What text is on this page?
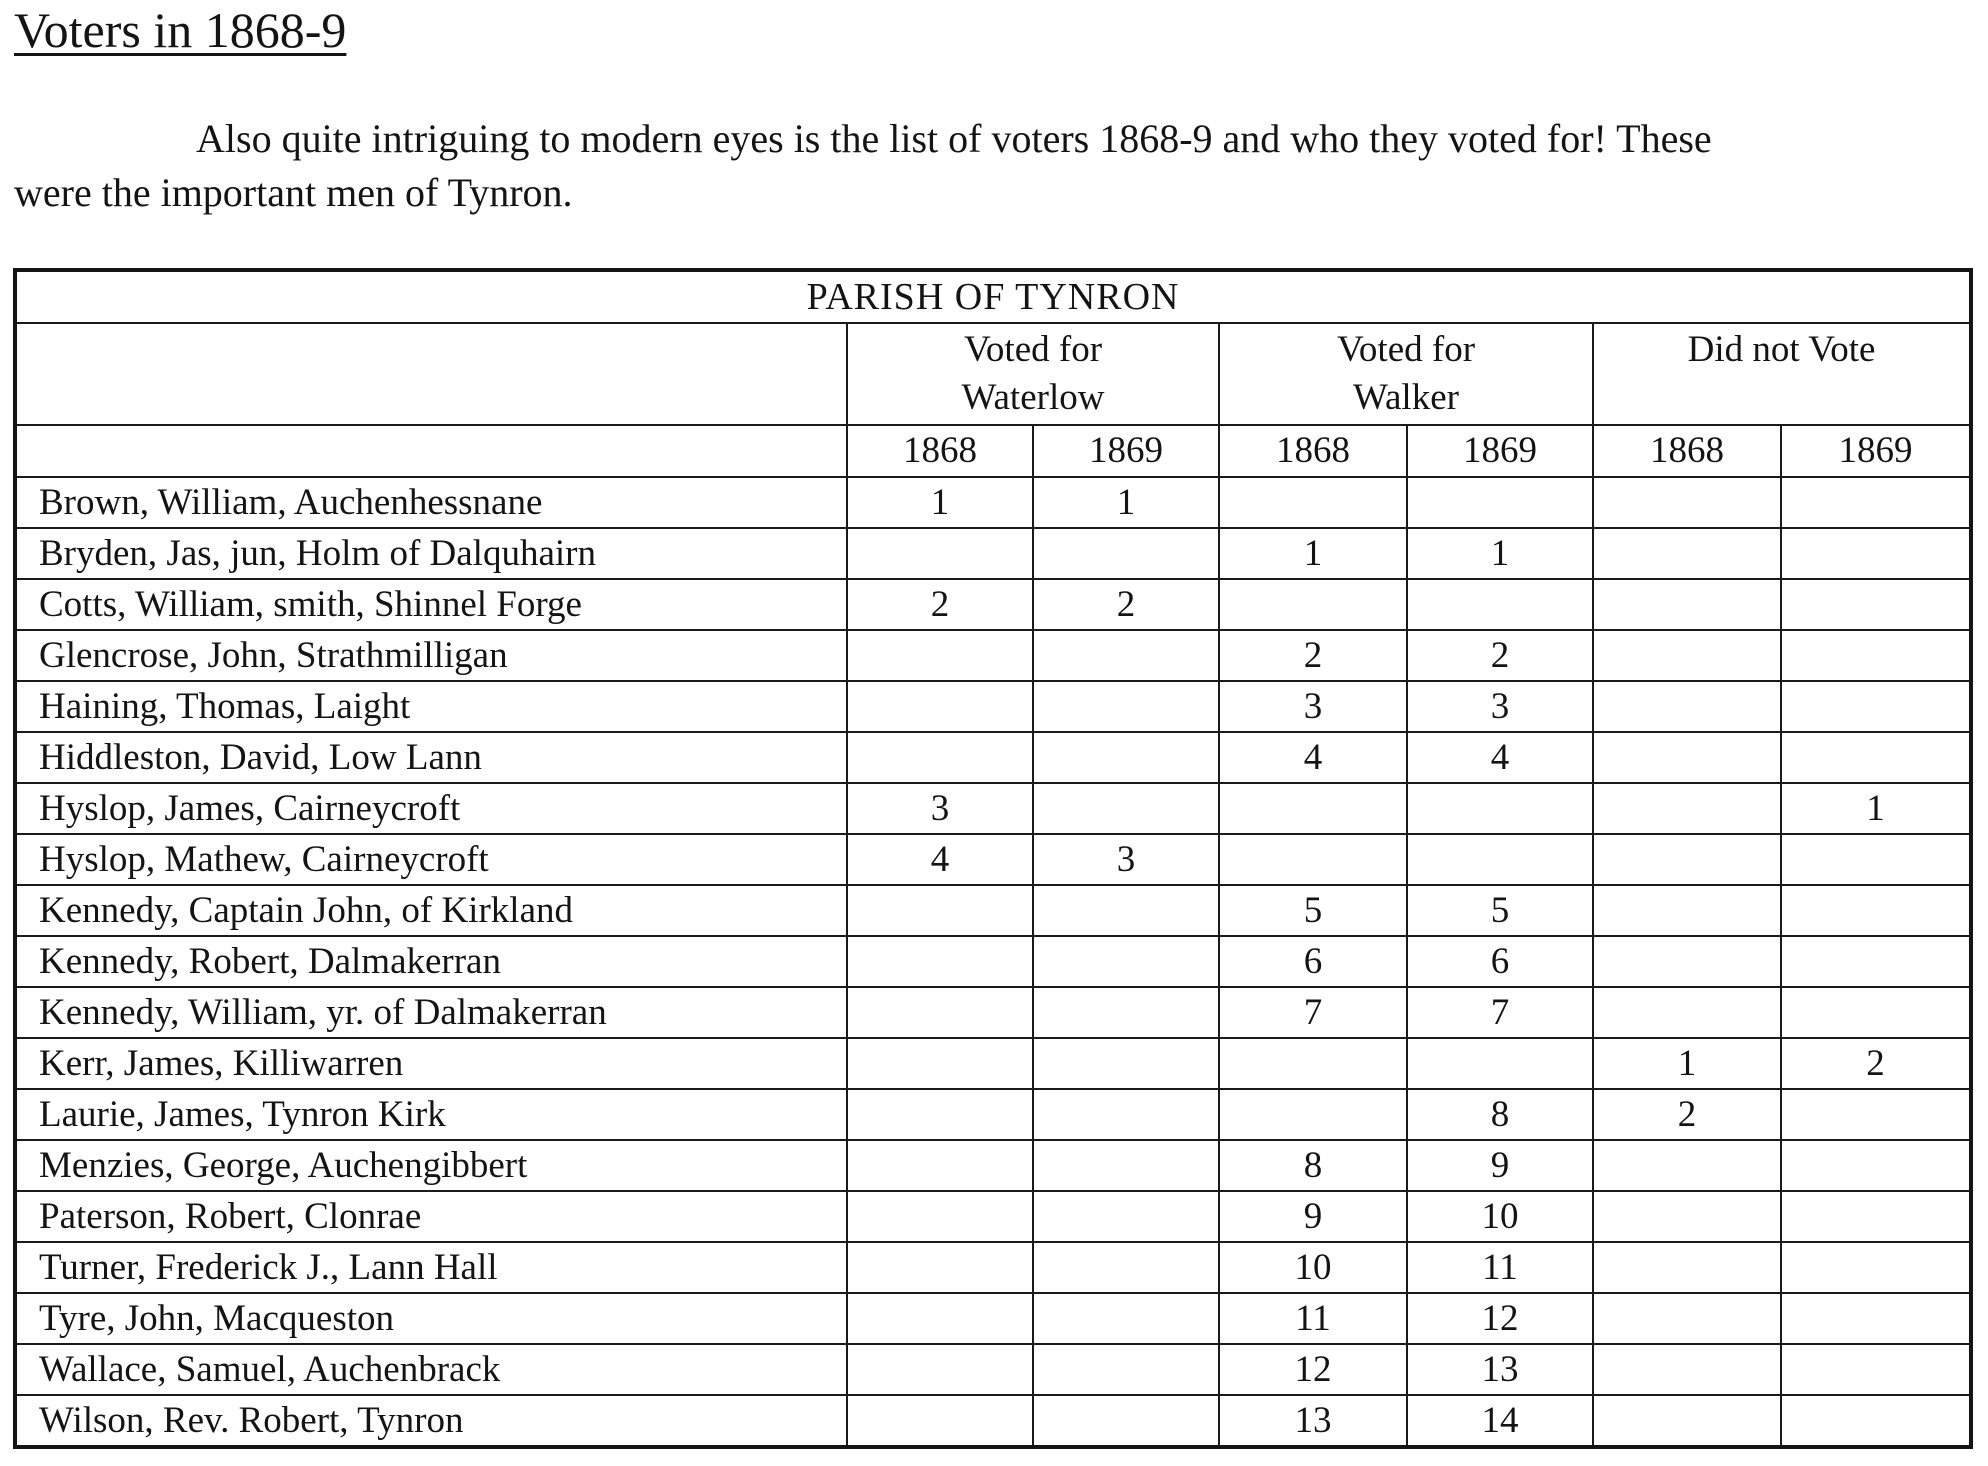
Voters in 1868-9

Also quite intriguing to modern eyes is the list of voters 1868-9 and who they voted for! These
were the important men of Tynron.

PARISH OF TYNRON						

	Voted for Waterlow		Voted for Walker		Did not Vote	

	1868	1869	1868	1869	1868	1869
Brown, William, Auchenhessnane	1	1				
Bryden, Jas, jun, Holm of Dalquhairn			1	1		
Cotts, William, smith, Shinnel Forge	2	2				
Glencrose, John, Strathmilligan			2	2		
Haining, Thomas, Laight			3	3		
Hiddleston, David, Low Lann			4	4		
Hyslop, James, Cairneycroft	3					1
Hyslop, Mathew, Cairneycroft	4	3				
Kennedy, Captain John, of Kirkland			5	5		
Kennedy, Robert, Dalmakerran			6	6		
Kennedy, William, yr. of Dalmakerran			7	7		
Kerr, James, Killiwarren					1	2
Laurie, James, Tynron Kirk				8	2	
Menzies, George, Auchengibbert			8	9		
Paterson, Robert, Clonrae			9	10		
Turner, Frederick J., Lann Hall			10	11		
Tyre, John, Macqueston			11	12		
Wallace, Samuel, Auchenbrack			12	13		
Wilson, Rev. Robert, Tynron			13	14		
